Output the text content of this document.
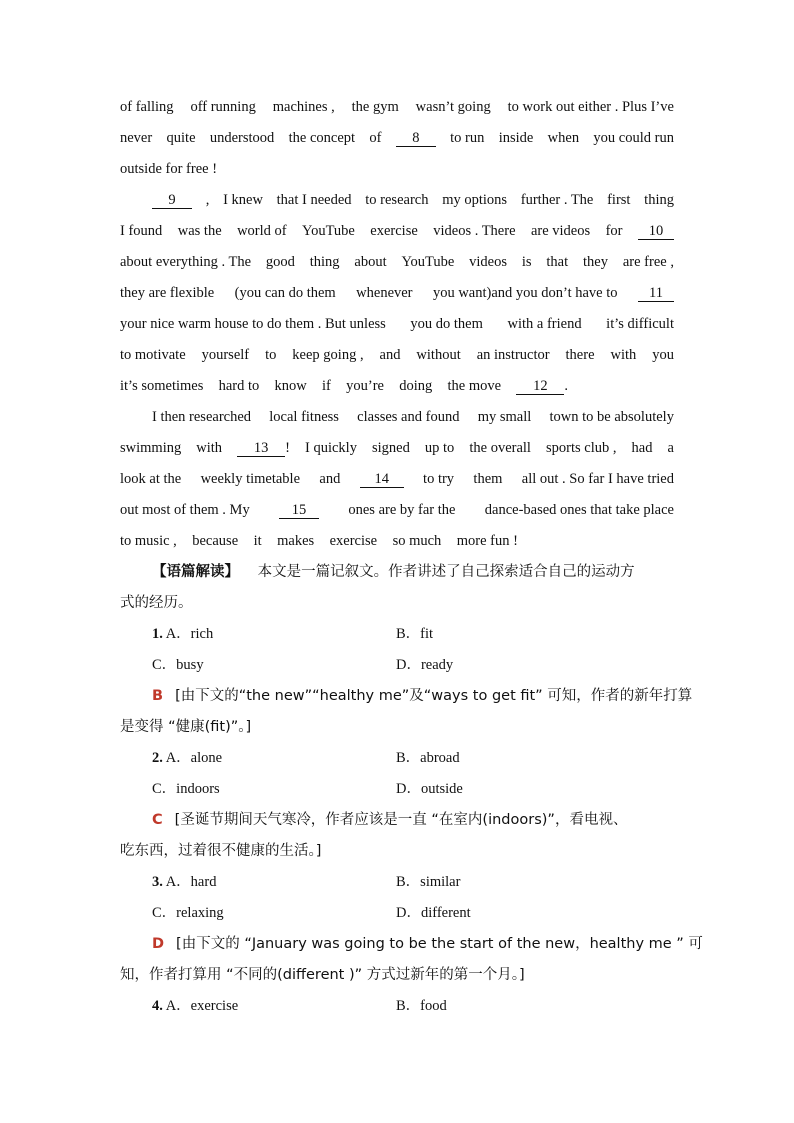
of falling off running machines , the gym wasn’t going to work out either . Plus I’ve
never quite understood the concept of	8	to run inside when you could run
outside for free !
9	, I knew that I needed to research my options further . The first thing
I found was the world of YouTube exercise videos . There are videos for	10
about everything . The good thing about YouTube videos is that they are free ,
they are flexible (you can do them whenever you want)and you don’t have to	11
your nice warm house to do them . But unless you do them with a friend it’s difficult
to motivate yourself to keep going , and without an instructor there with you
it’s sometimes hard to know if you’re doing the move	12 .
I then researched local fitness classes and found my small town to be absolutely
swimming with	13 ! I quickly signed up to the overall sports club , had a
look at the weekly timetable and	14	to try them all out . So far I have tried
out most of them . My	15	ones are by far the dance-based ones that take place
to music , because it makes exercise so much more fun !
【语篇解读】 本文是一篇记叙文。作者讲述了自己探索适合自己的运动方
式的经历。
1. A．rich	B．fit
C．busy	D．ready
B [由下文的“the new”“healthy me”及“ways to get fit” 可知，作者的新年打算
是变得 “健康(fit)”。]
2. A．alone	B．abroad
C．indoors	D．outside
C [圣诞节期间天气寒冷，作者应该是一直 “在室内(indoors)”，看电视、
吃东西，过着很不健康的生活。]
3. A．hard	B．similar
C．relaxing	D．different
D [由下文的 “January was going to be the start of the new，healthy me ” 可
知，作者打算用 “不同的(different )” 方式过新年的第一个月。]
4. A．exercise	B．food
